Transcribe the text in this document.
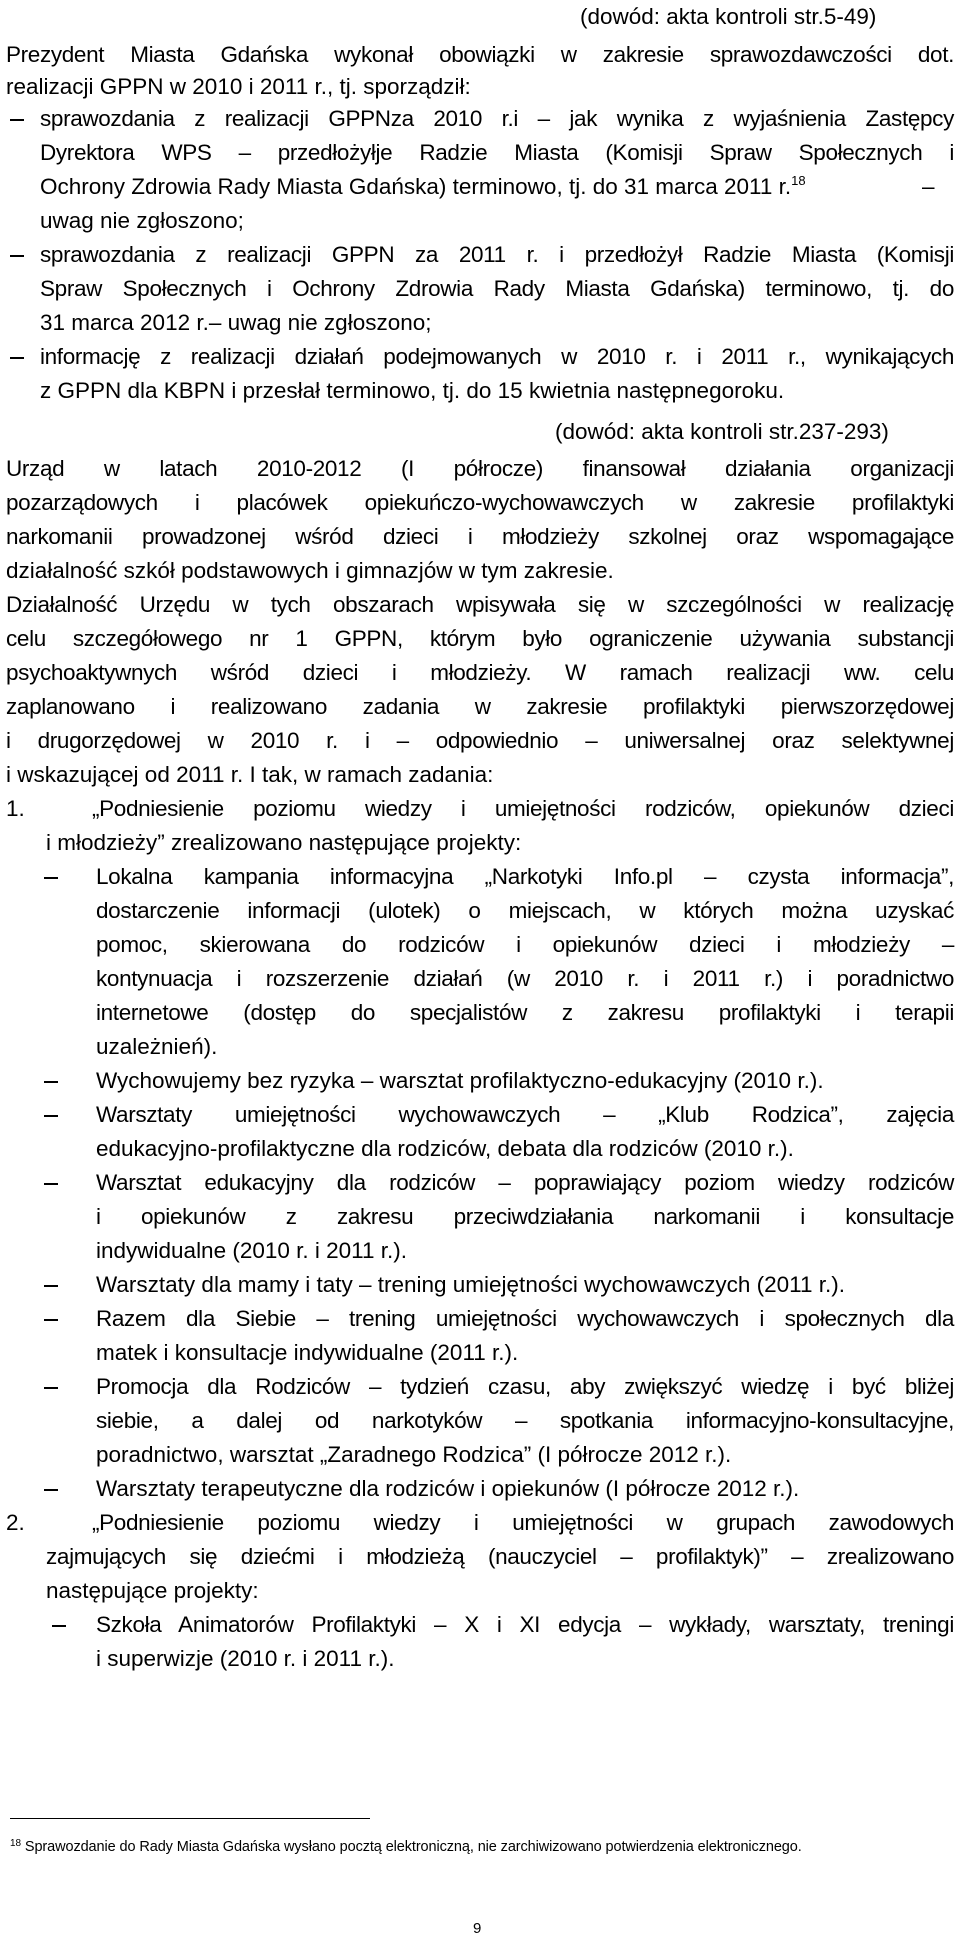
(dowód: akta kontroli str.5-49)
Prezydent Miasta Gdańska wykonał obowiązki w zakresie sprawozdawczości dot.
realizacji GPPN w 2010 i 2011 r., tj. sporządził:
sprawozdania z realizacji GPPNza 2010 r.i – jak wynika z wyjaśnienia Zastępcy
Dyrektora WPS – przedłożyłje Radzie Miasta (Komisji Spraw Społecznych i
Ochrony Zdrowia Rady Miasta Gdańska) terminowo, tj. do 31 marca 2011 r.$^{18}$	–
uwag nie zgłoszono;
sprawozdania z realizacji GPPN za 2011 r. i przedłożył Radzie Miasta (Komisji
Spraw Społecznych i Ochrony Zdrowia Rady Miasta Gdańska) terminowo, tj. do
31 marca 2012 r.– uwag nie zgłoszono;
informację z realizacji działań podejmowanych w 2010 r. i 2011 r., wynikających
z GPPN dla KBPN i przesłał terminowo, tj. do 15 kwietnia następnegoroku.
(dowód: akta kontroli str.237-293)
Urząd w latach 2010-2012 (I półrocze) finansował działania organizacji
pozarządowych i placówek opiekuńczo-wychowawczych w zakresie profilaktyki
narkomanii prowadzonej wśród dzieci i młodzieży szkolnej oraz wspomagające
działalność szkół podstawowych i gimnazjów w tym zakresie.
Działalność Urzędu w tych obszarach wpisywała się w szczególności w realizację
celu szczegółowego nr 1 GPPN, którym było ograniczenie używania substancji
psychoaktywnych wśród dzieci i młodzieży. W ramach realizacji ww. celu
zaplanowano i realizowano zadania w zakresie profilaktyki pierwszorzędowej
i drugorzędowej w 2010 r. i – odpowiednio – uniwersalnej oraz selektywnej
i wskazującej od 2011 r. I tak, w ramach zadania:
1.	„Podniesienie poziomu wiedzy i umiejętności rodziców, opiekunów dzieci
i młodzieży” zrealizowano następujące projekty:
Lokalna kampania informacyjna „Narkotyki Info.pl – czysta informacja”,
dostarczenie informacji (ulotek) o miejscach, w których można uzyskać
pomoc, skierowana do rodziców i opiekunów dzieci i młodzieży –
kontynuacja i rozszerzenie działań (w 2010 r. i 2011 r.) i poradnictwo
internetowe (dostęp do specjalistów z zakresu profilaktyki i terapii
uzależnień).
Wychowujemy bez ryzyka – warsztat profilaktyczno-edukacyjny (2010 r.).
Warsztaty umiejętności wychowawczych – „Klub Rodzica”, zajęcia
edukacyjno-profilaktyczne dla rodziców, debata dla rodziców (2010 r.).
Warsztat edukacyjny dla rodziców – poprawiający poziom wiedzy rodziców
i opiekunów z zakresu przeciwdziałania narkomanii i konsultacje
indywidualne (2010 r. i 2011 r.).
Warsztaty dla mamy i taty – trening umiejętności wychowawczych (2011 r.).
Razem dla Siebie – trening umiejętności wychowawczych i społecznych dla
matek i konsultacje indywidualne (2011 r.).
Promocja dla Rodziców – tydzień czasu, aby zwiększyć wiedzę i być bliżej
siebie, a dalej od narkotyków – spotkania informacyjno-konsultacyjne,
poradnictwo, warsztat „Zaradnego Rodzica” (I półrocze 2012 r.).
Warsztaty terapeutyczne dla rodziców i opiekunów (I półrocze 2012 r.).
2.	„Podniesienie poziomu wiedzy i umiejętności w grupach zawodowych
zajmujących się dziećmi i młodzieżą (nauczyciel – profilaktyk)” – zrealizowano
następujące projekty:
Szkoła Animatorów Profilaktyki – X i XI edycja – wykłady, warsztaty, treningi
i superwizje (2010 r. i 2011 r.).
$^{18}$ Sprawozdanie do Rady Miasta Gdańska wysłano pocztą elektroniczną, nie zarchiwizowano potwierdzenia elektronicznego.
9
